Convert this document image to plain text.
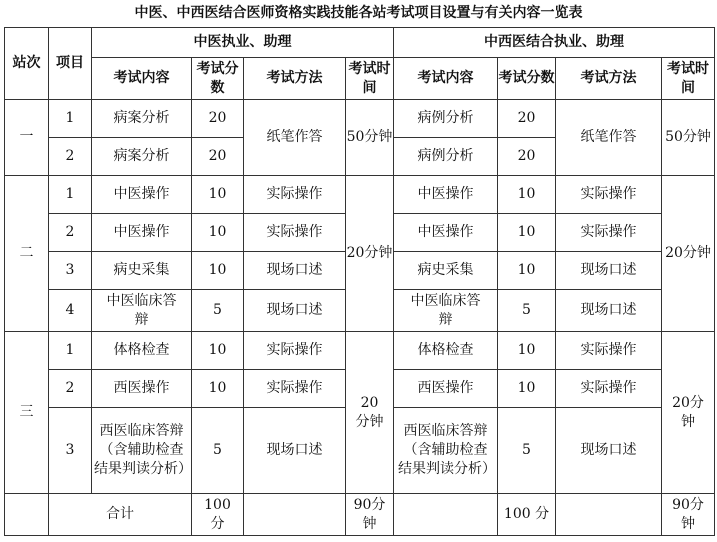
中医、中西医结合医师资格实践技能各站考试项目设置与有关内容一览表
站次	项目	中医执业、助理				中西医结合执业、助理			
		考试内容	考试分数	考试方法	考试时间	考试内容	考试分数	考试方法	考试时间
一	1	病案分析	20	纸笔作答	50分钟	病例分析	20	纸笔作答	50分钟
	2	病案分析	20			病例分析	20		
二	1	中医操作	10	实际操作	20分钟	中医操作	10	实际操作	20分钟
	2	中医操作	10	实际操作		中医操作	10	实际操作	
	3	病史采集	10	现场口述		病史采集	10	现场口述	
	4	中医临床答辩	5	现场口述		中医临床答辩	5	现场口述	
三	1	体格检查	10	实际操作	20分钟	体格检查	10	实际操作	20分钟
	2	西医操作	10	实际操作		西医操作	10	实际操作	
	3	西医临床答辩（含辅助检查结果判读分析）	5	现场口述		西医临床答辩（含辅助检查结果判读分析）	5	现场口述	
	合计		100分		90分钟		100 分		90分钟
